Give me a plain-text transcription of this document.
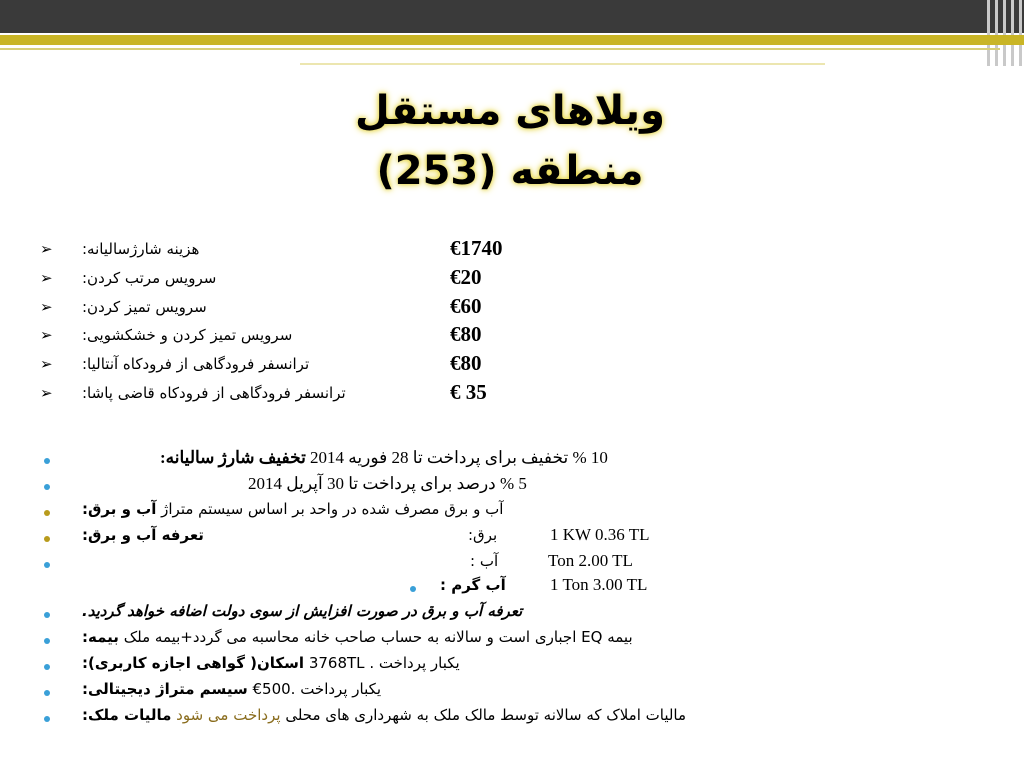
ویلاهای مستقل
منطقه (253)
➢ هزینه شارژسالیانه:	€1740
➢ سرویس مرتب کردن:	€20
➢ سرویس تمیز کردن:	€60
➢ سرویس تمیز کردن و خشکشویی:	€80
➢ ترانسفر فرودگاهی از فرودکاه آنتالیا:	€80
➢ ترانسفر فرودگاهی از فرودکاه قاضی پاشا:	€ 35
10 % تخفیف برای پرداخت تا 28 فوریه 2014 تخفیف شارژ سالیانه:
5 % درصد برای پرداخت تا 30 آپریل 2014
آب و برق مصرف شده در واحد بر اساس سیستم متراژ آب و برق:
تعرفه آب و برق:	برق:	1 KW 0.36 TL
آب :	Ton 2.00 TL
آب گرم :	1 Ton 3.00 TL
تعرفه آب و برق در صورت افزایش از سوی دولت اضافه خواهد گردید.
بیمه EQ اجباری است و سالانه به حساب صاحب خانه محاسبه می گردد+بیمه ملک بیمه:
یکبار پرداخت . 3768TL اسکان( گواهی اجازه کاربری):
یکبار پرداخت .500€ سیسم متراژ دیجیتالی:
مالیات املاک که سالانه توسط مالک ملک به شهرداری های محلی پرداخت می شود مالیات ملک:
